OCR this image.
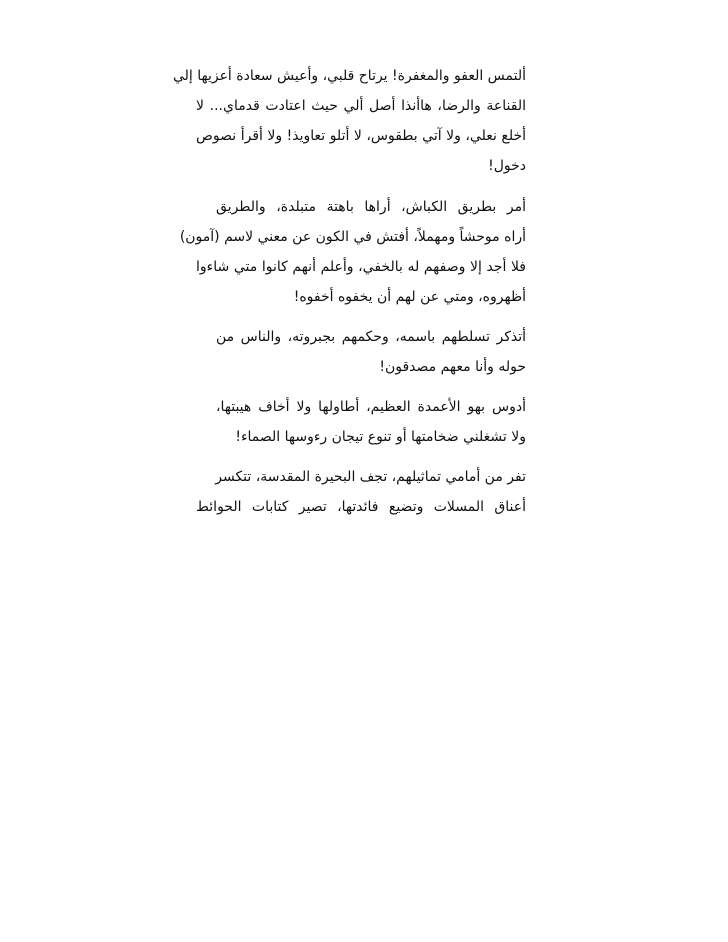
ألتمس العفو والمغفرة! يرتاح قلبي، وأعيش سعادة أعزيها إلي
القناعة والرضا، هاأنذا أصل ألي حيث اعتادت قدماي... لا
أخلع نعلي، ولا آتي بطقوس، لا أتلو تعاويذ! ولا أقرأ نصوص
دخول!
أمر بطريق الكباش، أراها باهتة متبلدة، والطريق
أراه موحشاً ومهملاً، أفتش في الكون عن معني لاسم (آمون)
فلا أجد إلا وصفهم له بالخفي، وأعلم أنهم كانوا متي شاءوا
أظهروه، ومتي عن لهم أن يخفوه أخفوه!
أتذكر تسلطهم باسمه، وحكمهم بجبروته، والناس من
حوله وأنا معهم مصدقون!
أدوس بهو الأعمدة العظيم، أطاولها ولا أخاف هيبتها،
ولا تشغلني ضخامتها أو تنوع تيجان رءوسها الصماء!
تفر من أمامي تماثيلهم، تجف البحيرة المقدسة، تتكسر
أعناق المسلات وتضيع فائدتها، تصير كتابات الحوائط
